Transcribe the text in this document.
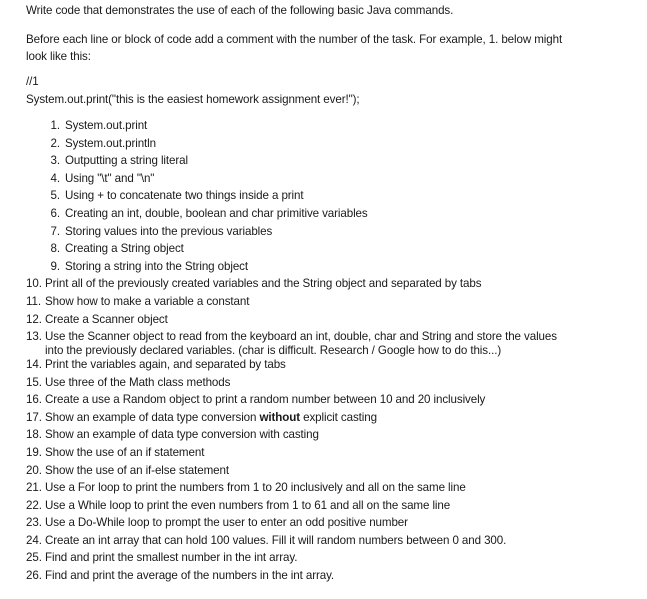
Write code that demonstrates the use of each of the following basic Java commands.
Before each line or block of code add a comment with the number of the task. For example, 1. below might
look like this:
//1
System.out.print("this is the easiest homework assignment ever!");
1. System.out.print
2. System.out.println
3. Outputting a string literal
4. Using "\t" and "\n"
5. Using + to concatenate two things inside a print
6. Creating an int, double, boolean and char primitive variables
7. Storing values into the previous variables
8. Creating a String object
9. Storing a string into the String object
10. Print all of the previously created variables and the String object and separated by tabs
11. Show how to make a variable a constant
12. Create a Scanner object
13. Use the Scanner object to read from the keyboard an int, double, char and String and store the values
into the previously declared variables. (char is difficult. Research / Google how to do this...)
14. Print the variables again, and separated by tabs
15. Use three of the Math class methods
16. Create a use a Random object to print a random number between 10 and 20 inclusively
17. Show an example of data type conversion without explicit casting
18. Show an example of data type conversion with casting
19. Show the use of an if statement
20. Show the use of an if-else statement
21. Use a For loop to print the numbers from 1 to 20 inclusively and all on the same line
22. Use a While loop to print the even numbers from 1 to 61 and all on the same line
23. Use a Do-While loop to prompt the user to enter an odd positive number
24. Create an int array that can hold 100 values. Fill it will random numbers between 0 and 300.
25. Find and print the smallest number in the int array.
26. Find and print the average of the numbers in the int array.
